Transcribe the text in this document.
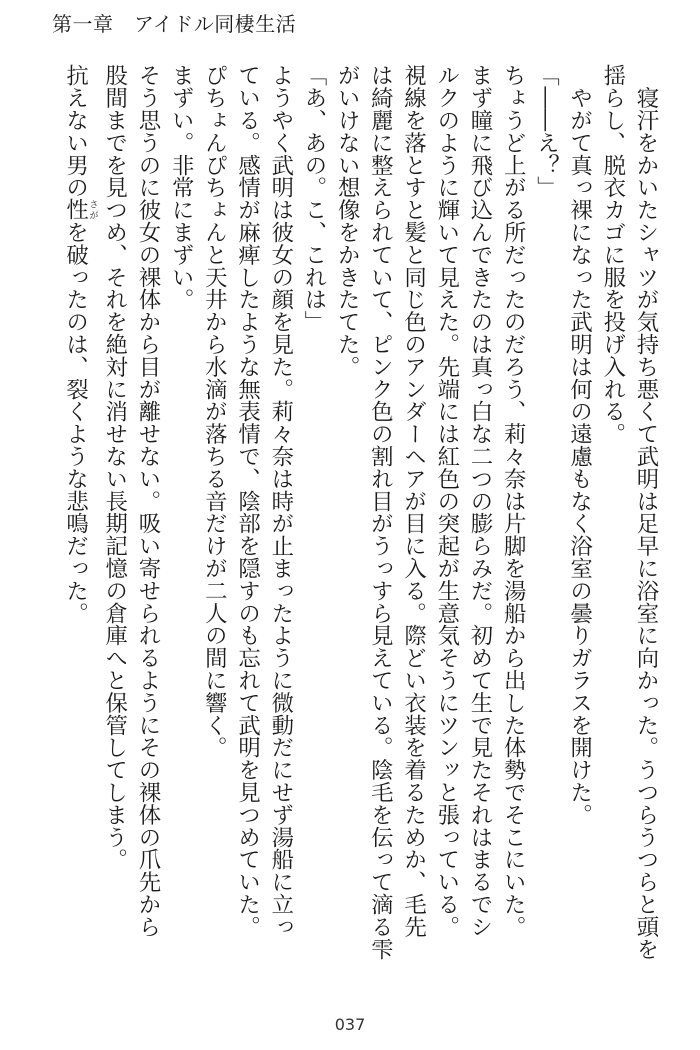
第一章　アイドル同棲生活
　寝汗をかいたシャツが気持ち悪くて武明は足早に浴室に向かった。うつらうつらと頭を
揺らし、脱衣カゴに服を投げ入れる。
　やがて真っ裸になった武明は何の遠慮もなく浴室の曇りガラスを開けた。
「――え？」
ちょうど上がる所だったのだろう、莉々奈は片脚を湯船から出した体勢でそこにいた。
まず瞳に飛び込んできたのは真っ白な二つの膨らみだ。初めて生で見たそれはまるでシ
ルクのように輝いて見えた。先端には紅色の突起が生意気そうにツンッと張っている。
視線を落とすと髪と同じ色のアンダーヘアが目に入る。際どい衣装を着るためか、毛先
は綺麗に整えられていて、ピンク色の割れ目がうっすら見えている。陰毛を伝って滴る雫
がいけない想像をかきたてた。
「あ、あの。こ、これは」
ようやく武明は彼女の顔を見た。莉々奈は時が止まったように微動だにせず湯船に立っ
ている。感情が麻痺したような無表情で、陰部を隠すのも忘れて武明を見つめていた。
ぴちょんぴちょんと天井から水滴が落ちる音だけが二人の間に響く。
まずい。非常にまずい。
そう思うのに彼女の裸体から目が離せない。吸い寄せられるようにその裸体の爪先から
股間までを見つめ、それを絶対に消せない長期記憶の倉庫へと保管してしまう。
抗えない男の性 さがを破ったのは、裂くような悲鳴だった。
037
